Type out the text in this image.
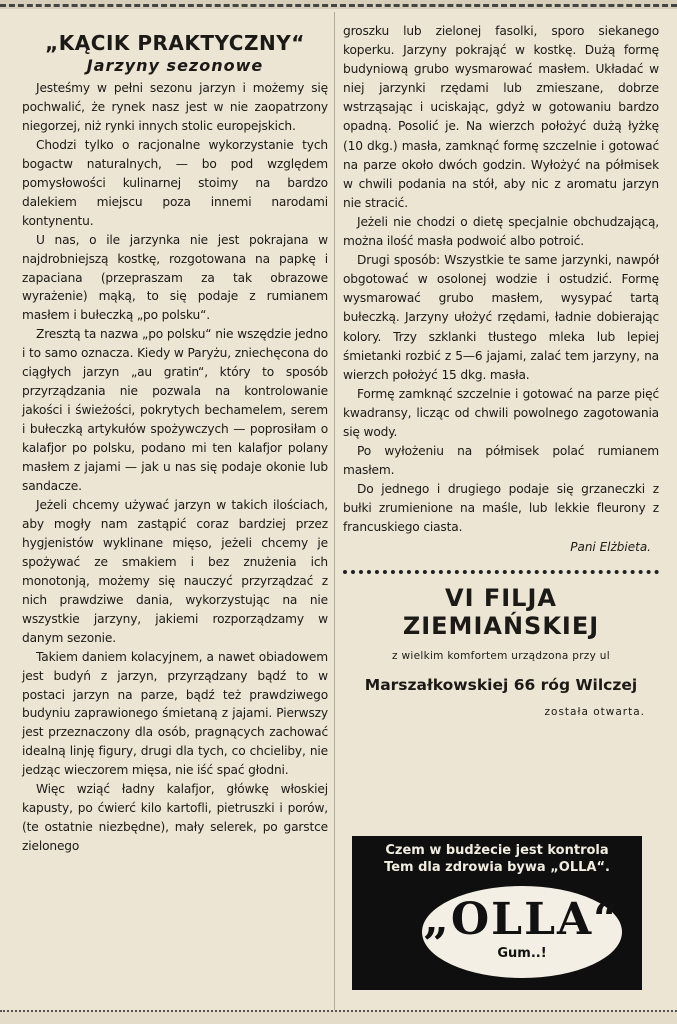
„KĄCIK PRAKTYCZNY“
Jarzyny sezonowe

Jesteśmy w pełni sezonu jarzyn i możemy się pochwalić, że rynek nasz jest w nie zaopatrzony niegorzej, niż rynki innych stolic europejskich.

Chodzi tylko o racjonalne wykorzystanie tych bogactw naturalnych, — bo pod względem pomysłowości kulinarnej stoimy na bardzo dalekiem miejscu poza innemi narodami kontynentu.

U nas, o ile jarzynka nie jest pokrajana w najdrobniejszą kostkę, rozgotowana na papkę i zapaciana (przepraszam za tak obrazowe wyrażenie) mąką, to się podaje z rumianem masłem i bułeczką „po polsku“.

Zresztą ta nazwa „po polsku“ nie wszędzie jedno i to samo oznacza. Kiedy w Paryżu, zniechęcona do ciągłych jarzyn „au gratin“, który to sposób przyrządzania nie pozwala na kontrolowanie jakości i świeżości, pokrytych bechamelem, serem i bułeczką artykułów spożywczych — poprosiłam o kalafjor po polsku, podano mi ten kalafjor polany masłem z jajami — jak u nas się podaje okonie lub sandacze.

Jeżeli chcemy używać jarzyn w takich ilościach, aby mogły nam zastąpić coraz bardziej przez hygjenistów wyklinane mięso, jeżeli chcemy je spożywać ze smakiem i bez znużenia ich monotonją, możemy się nauczyć przyrządzać z nich prawdziwe dania, wykorzystując na nie wszystkie jarzyny, jakiemi rozporządzamy w danym sezonie.

Takiem daniem kolacyjnem, a nawet obiadowem jest budyń z jarzyn, przyrządzany bądź to w postaci jarzyn na parze, bądź też prawdziwego budyniu zaprawionego śmietaną z jajami. Pierwszy jest przeznaczony dla osób, pragnących zachować idealną linję figury, drugi dla tych, co chcieliby, nie jedząc wieczorem mięsa, nie iść spać głodni.

Więc wziąć ładny kalafjor, główkę włoskiej kapusty, po ćwierć kilo kartofli, pietruszki i porów, (te ostatnie niezbędne), mały selerek, po garstce zielonego

groszku lub zielonej fasolki, sporo siekanego koperku. Jarzyny pokrająć w kostkę. Dużą formę budyniową grubo wysmarować masłem. Układać w niej jarzynki rzędami lub zmieszane, dobrze wstrząsając i uciskając, gdyż w gotowaniu bardzo opadną. Posolić je. Na wierzch położyć dużą łyżkę (10 dkg.) masła, zamknąć formę szczelnie i gotować na parze około dwóch godzin. Wyłożyć na półmisek w chwili podania na stół, aby nic z aromatu jarzyn nie stracić.

Jeżeli nie chodzi o dietę specjalnie obchudzającą, można ilość masła podwoić albo potroić.

Drugi sposób: Wszystkie te same jarzynki, nawpół obgotować w osolonej wodzie i ostudzić. Formę wysmarować grubo masłem, wysypać tartą bułeczką. Jarzyny ułożyć rzędami, ładnie dobierając kolory. Trzy szklanki tłustego mleka lub lepiej śmietanki rozbić z 5—6 jajami, zalać tem jarzyny, na wierzch położyć 15 dkg. masła.

Formę zamknąć szczelnie i gotować na parze pięć kwadransy, licząc od chwili powolnego zagotowania się wody.

Po wyłożeniu na półmisek polać rumianem masłem.

Do jednego i drugiego podaje się grzaneczki z bułki zrumienione na maśle, lub lekkie fleurony z francuskiego ciasta.

Pani Elżbieta.
VI FILJA ZIEMIAŃSKIEJ
z wielkim komfortem urządzona przy ul
Marszałkowskiej 66 róg Wilczej
została otwarta.
Czem w budżecie jest kontrola
Tem dla zdrowia bywa „OLLA“.
„OLLA“
Gum..!
